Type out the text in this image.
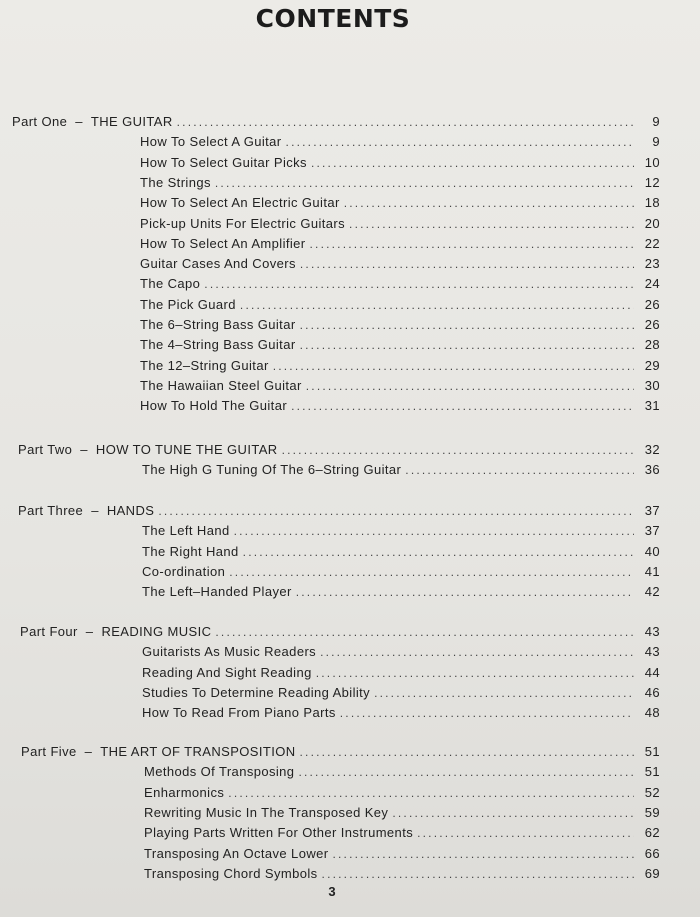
CONTENTS
Part One – THE GUITAR .....	9
How To Select A Guitar .....	9
How To Select Guitar Picks .....	10
The Strings .....	12
How To Select An Electric Guitar .....	18
Pick-up Units For Electric Guitars .....	20
How To Select An Amplifier .....	22
Guitar Cases And Covers .....	23
The Capo .....	24
The Pick Guard .....	26
The 6–String Bass Guitar .....	26
The 4–String Bass Guitar .....	28
The 12–String Guitar .....	29
The Hawaiian Steel Guitar .....	30
How To Hold The Guitar .....	31
Part Two – HOW TO TUNE THE GUITAR .....	32
The High G Tuning Of The 6–String Guitar .....	36
Part Three – HANDS .....	37
The Left Hand .....	37
The Right Hand .....	40
Co-ordination .....	41
The Left–Handed Player .....	42
Part Four – READING MUSIC .....	43
Guitarists As Music Readers .....	43
Reading And Sight Reading .....	44
Studies To Determine Reading Ability .....	46
How To Read From Piano Parts .....	48
Part Five – THE ART OF TRANSPOSITION .....	51
Methods Of Transposing .....	51
Enharmonics .....	52
Rewriting Music In The Transposed Key .....	59
Playing Parts Written For Other Instruments .....	62
Transposing An Octave Lower .....	66
Transposing Chord Symbols .....	69
3
